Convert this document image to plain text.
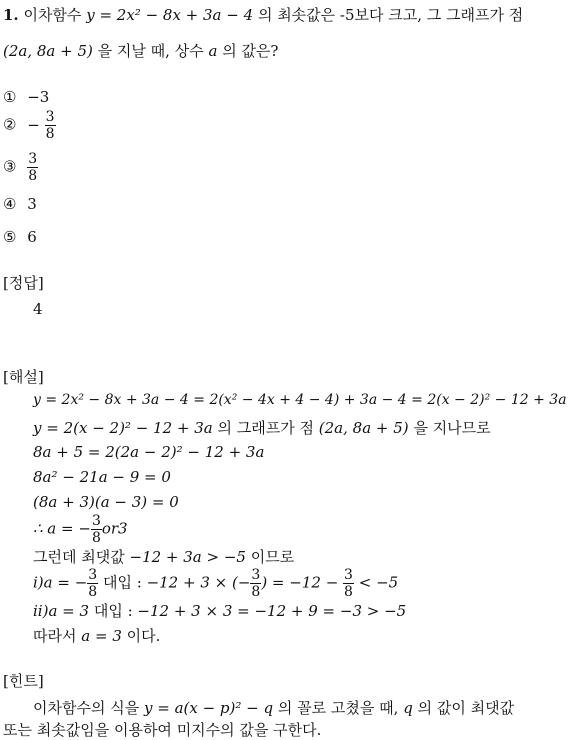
1. 이차함수 y = 2x² − 8x + 3a − 4 의 최솟값은 -5보다 크고, 그 그래프가 점
(2a, 8a + 5) 을 지날 때, 상수 a 의 값은?
① −3
② − $\frac{3}{8}$
③ $\frac{3}{8}$
④ 3
⑤ 6
[정답]
4
[해설]
y = 2x² − 8x + 3a − 4 = 2(x² − 4x + 4 − 4) + 3a − 4 = 2(x − 2)² − 12 + 3a
y = 2(x − 2)² − 12 + 3a 의 그래프가 점 (2a, 8a + 5) 을 지나므로
8a + 5 = 2(2a − 2)² − 12 + 3a
8a² − 21a − 9 = 0
(8a + 3)(a − 3) = 0
∴ a = − $\frac{3}{8} or3$
그런데 최댓값 −12 + 3a > −5 이므로
i)a = − $\frac{3}{8}$ 대입 : −12 + 3 × (− $\frac{3}{8}$ ) = $-12 - \frac{3}{8} < -5$
ii)a = 3 대입 : −12 + 3 × 3 = −12 + 9 = −3 > −5
따라서 a = 3 이다.
[힌트]
이차함수의 식을 y = a(x − p)² − q 의 꼴로 고쳤을 때, q 의 값이 최댓값
또는 최솟값임을 이용하여 미지수의 값을 구한다.
